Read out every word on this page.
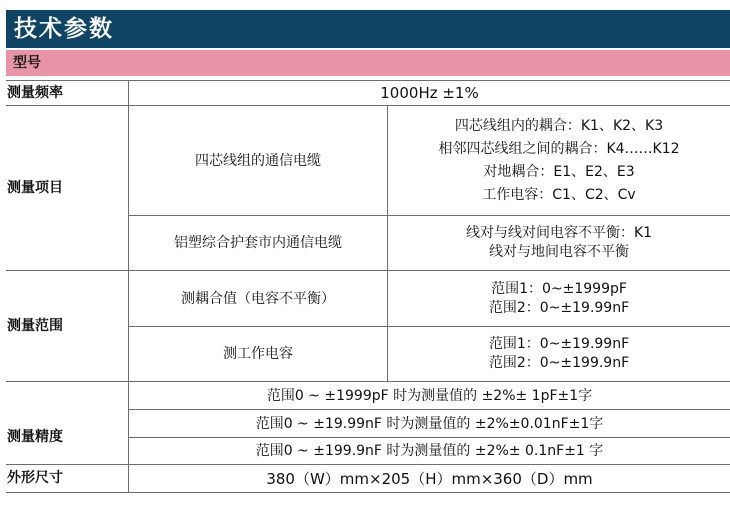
技术参数
型号
测量频率
测量项目
测量范围
测量精度
外形尺寸
1000Hz ±1%
四芯线组的通信电缆
四芯线组内的耦合：K1、K2、K3
相邻四芯线组之间的耦合：K4……K12
对地耦合：E1、E2、E3
工作电容：C1、C2、Cv
铝塑综合护套市内通信电缆
线对与线对间电容不平衡：K1
线对与地间电容不平衡
测耦合值（电容不平衡）
范围1：0~±1999pF
范围2：0~±19.99nF
测工作电容
范围1：0~±19.99nF
范围2：0~±199.9nF
范围0 ~ ±1999pF 时为测量值的 ±2%± 1pF±1字
范围0 ~ ±19.99nF 时为测量值的 ±2%±0.01nF±1字
范围0 ~ ±199.9nF 时为测量值的 ±2%± 0.1nF±1 字
380（W）mm×205（H）mm×360（D）mm
